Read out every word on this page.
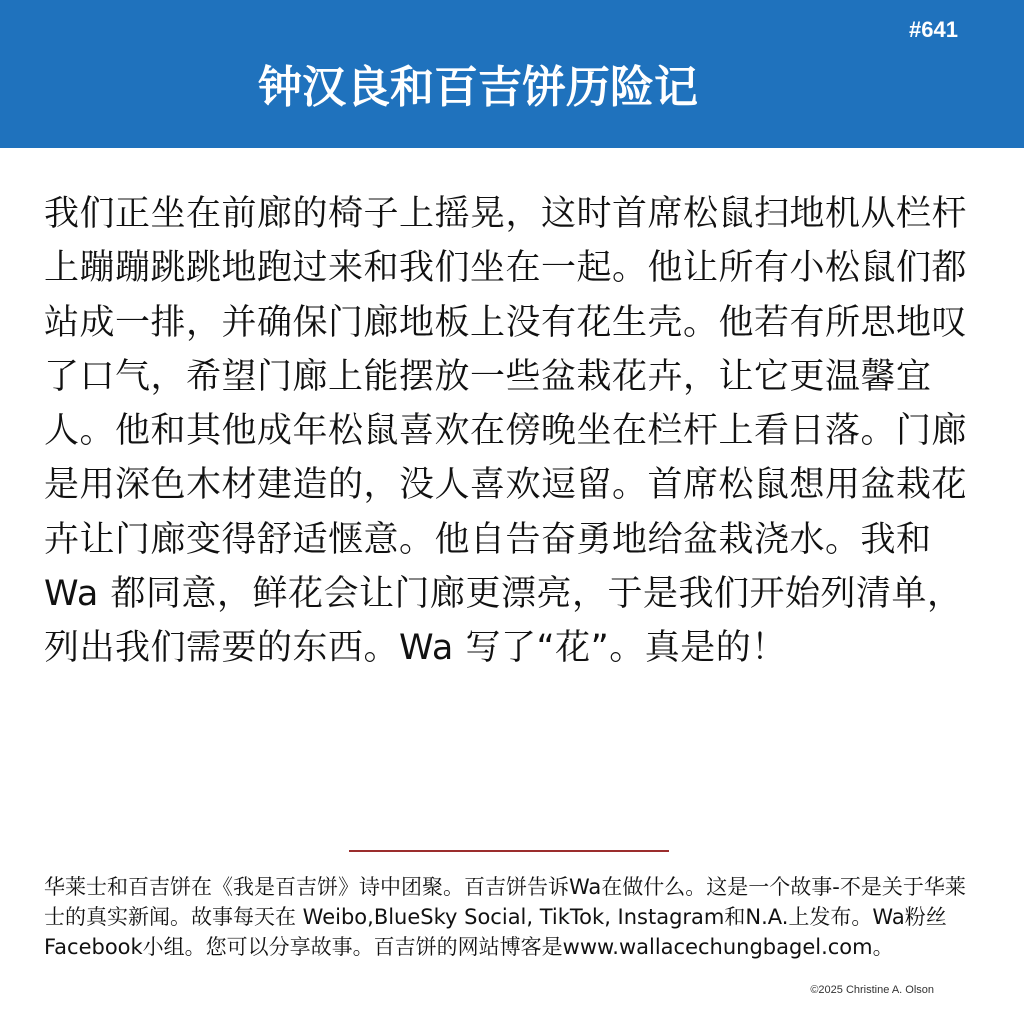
#641
钟汉良和百吉饼历险记

我们正坐在前廊的椅子上摇晃，这时首席松鼠扫地机从栏杆上蹦蹦跳跳地跑过来和我们坐在一起。他让所有小松鼠们都站成一排，并确保门廊地板上没有花生壳。他若有所思地叹了口气，希望门廊上能摆放一些盆栽花卉，让它更温馨宜人。他和其他成年松鼠喜欢在傍晚坐在栏杆上看日落。门廊是用深色木材建造的，没人喜欢逗留。首席松鼠想用盆栽花卉让门廊变得舒适惬意。他自告奋勇地给盆栽浇水。我和 Wa 都同意，鲜花会让门廊更漂亮，于是我们开始列清单，列出我们需要的东西。Wa 写了“花”。真是的！

华莱士和百吉饼在《我是百吉饼》诗中团聚。百吉饼告诉Wa在做什么。这是一个故事-不是关于华莱士的真实新闻。故事每天在 Weibo,BlueSky Social, TikTok, Instagram和N.A.上发布。Wa粉丝Facebook小组。您可以分享故事。百吉饼的网站博客是www.wallacechungbagel.com。

©2025 Christine A. Olson
